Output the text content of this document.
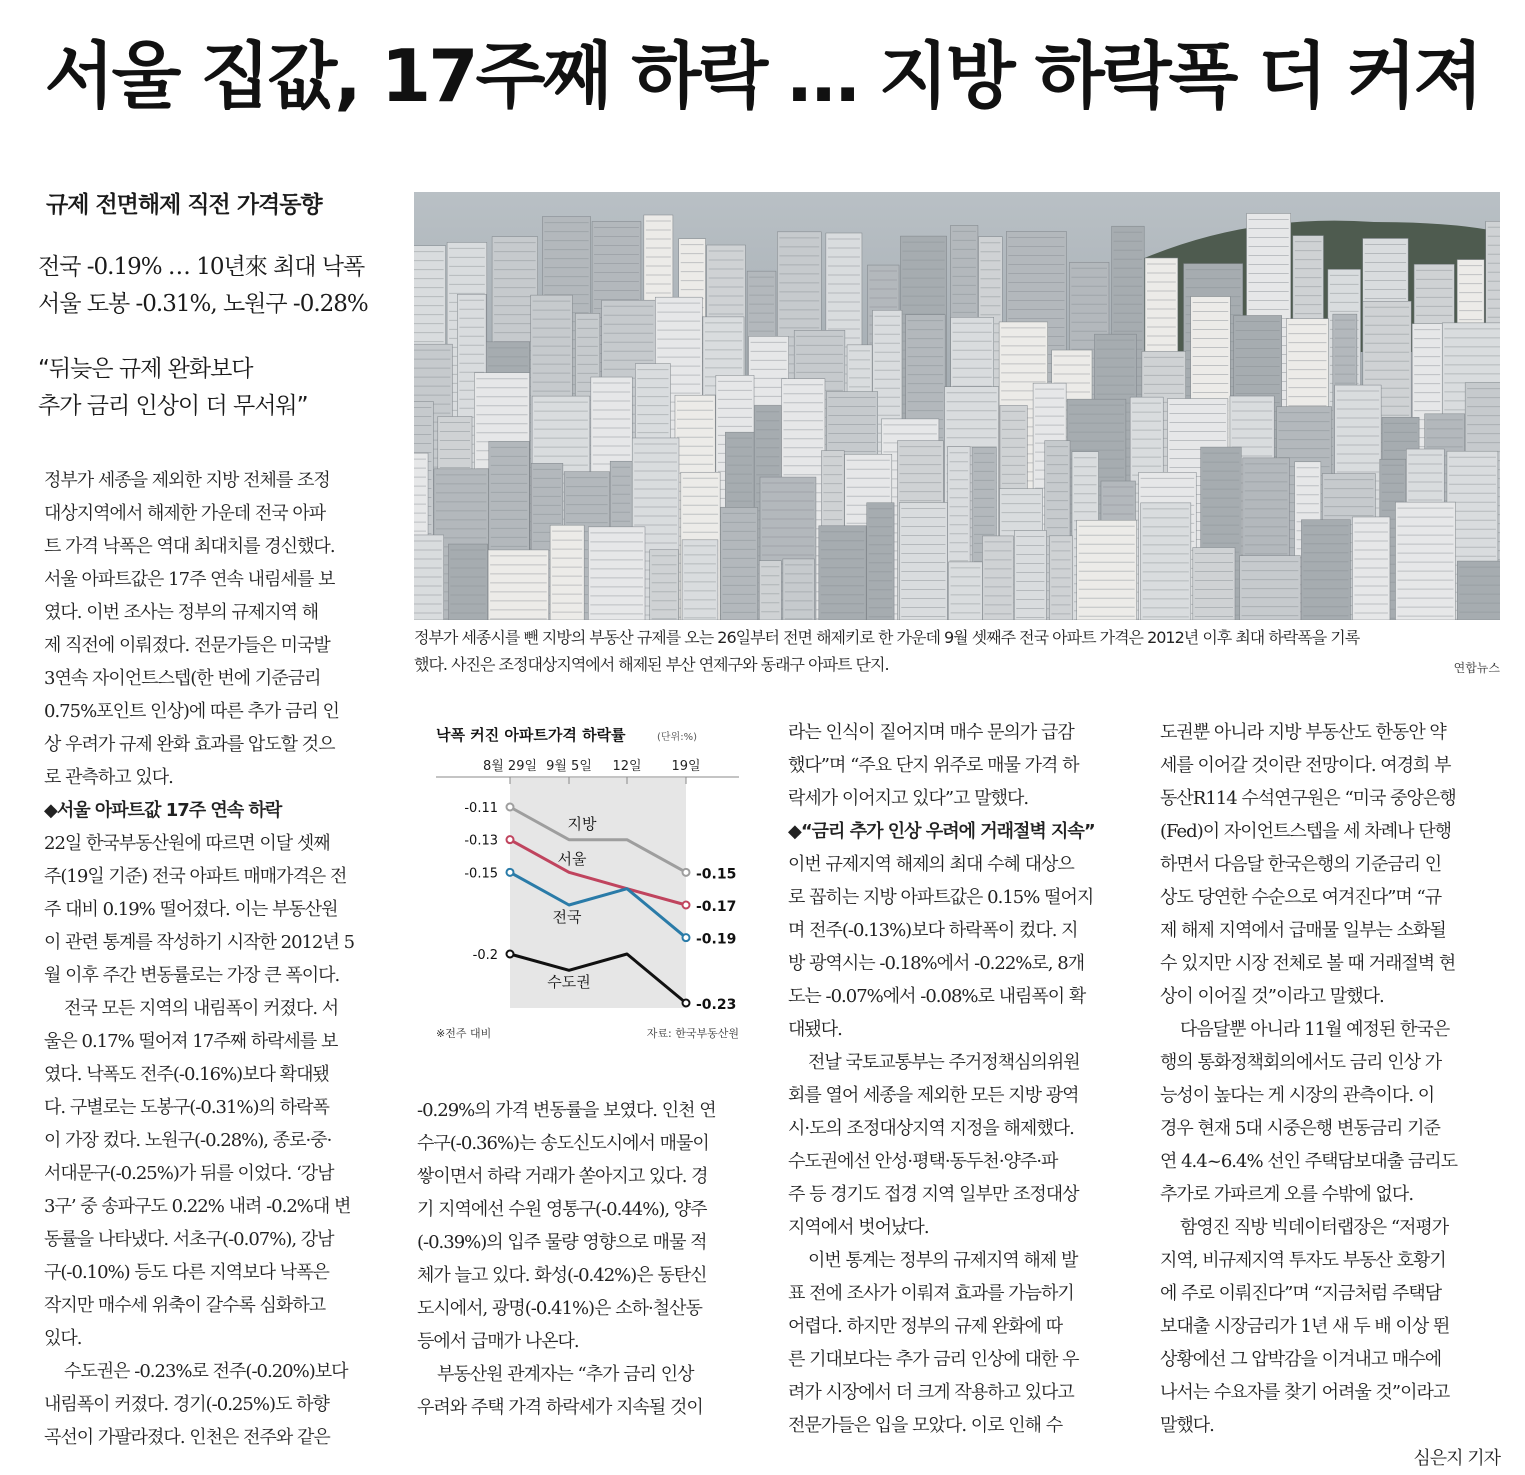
서울 집값, 17주째 하락 … 지방 하락폭 더 커져
규제 전면해제 직전 가격동향
전국 -0.19% … 10년來 최대 낙폭
서울 도봉 -0.31%, 노원구 -0.28%
“뒤늦은 규제 완화보다
추가 금리 인상이 더 무서워”
정부가 세종을 제외한 지방 전체를 조정
대상지역에서 해제한 가운데 전국 아파
트 가격 낙폭은 역대 최대치를 경신했다.
서울 아파트값은 17주 연속 내림세를 보
였다. 이번 조사는 정부의 규제지역 해
제 직전에 이뤄졌다. 전문가들은 미국발
3연속 자이언트스텝(한 번에 기준금리
0.75%포인트 인상)에 따른 추가 금리 인
상 우려가 규제 완화 효과를 압도할 것으
로 관측하고 있다.
◆서울 아파트값 17주 연속 하락
22일 한국부동산원에 따르면 이달 셋째
주(19일 기준) 전국 아파트 매매가격은 전
주 대비 0.19% 떨어졌다. 이는 부동산원
이 관련 통계를 작성하기 시작한 2012년 5
월 이후 주간 변동률로는 가장 큰 폭이다.
전국 모든 지역의 내림폭이 커졌다. 서
울은 0.17% 떨어져 17주째 하락세를 보
였다. 낙폭도 전주(-0.16%)보다 확대됐
다. 구별로는 도봉구(-0.31%)의 하락폭
이 가장 컸다. 노원구(-0.28%), 종로·중·
서대문구(-0.25%)가 뒤를 이었다. ‘강남
3구’ 중 송파구도 0.22% 내려 -0.2%대 변
동률을 나타냈다. 서초구(-0.07%), 강남
구(-0.10%) 등도 다른 지역보다 낙폭은
작지만 매수세 위축이 갈수록 심화하고
있다.
수도권은 -0.23%로 전주(-0.20%)보다
내림폭이 커졌다. 경기(-0.25%)도 하향
곡선이 가팔라졌다. 인천은 전주와 같은
-0.29%의 가격 변동률을 보였다. 인천 연
수구(-0.36%)는 송도신도시에서 매물이
쌓이면서 하락 거래가 쏟아지고 있다. 경
기 지역에선 수원 영통구(-0.44%), 양주
(-0.39%)의 입주 물량 영향으로 매물 적
체가 늘고 있다. 화성(-0.42%)은 동탄신
도시에서, 광명(-0.41%)은 소하·철산동
등에서 급매가 나온다.
부동산원 관계자는 “추가 금리 인상
우려와 주택 가격 하락세가 지속될 것이
라는 인식이 짙어지며 매수 문의가 급감
했다”며 “주요 단지 위주로 매물 가격 하
락세가 이어지고 있다”고 말했다.
◆“금리 추가 인상 우려에 거래절벽 지속”
이번 규제지역 해제의 최대 수혜 대상으
로 꼽히는 지방 아파트값은 0.15% 떨어지
며 전주(-0.13%)보다 하락폭이 컸다. 지
방 광역시는 -0.18%에서 -0.22%로, 8개
도는 -0.07%에서 -0.08%로 내림폭이 확
대됐다.
전날 국토교통부는 주거정책심의위원
회를 열어 세종을 제외한 모든 지방 광역
시·도의 조정대상지역 지정을 해제했다.
수도권에선 안성·평택·동두천·양주·파
주 등 경기도 접경 지역 일부만 조정대상
지역에서 벗어났다.
이번 통계는 정부의 규제지역 해제 발
표 전에 조사가 이뤄져 효과를 가늠하기
어렵다. 하지만 정부의 규제 완화에 따
른 기대보다는 추가 금리 인상에 대한 우
려가 시장에서 더 크게 작용하고 있다고
전문가들은 입을 모았다. 이로 인해 수
도권뿐 아니라 지방 부동산도 한동안 약
세를 이어갈 것이란 전망이다. 여경희 부
동산R114 수석연구원은 “미국 중앙은행
(Fed)이 자이언트스텝을 세 차례나 단행
하면서 다음달 한국은행의 기준금리 인
상도 당연한 수순으로 여겨진다”며 “규
제 해제 지역에서 급매물 일부는 소화될
수 있지만 시장 전체로 볼 때 거래절벽 현
상이 이어질 것”이라고 말했다.
다음달뿐 아니라 11월 예정된 한국은
행의 통화정책회의에서도 금리 인상 가
능성이 높다는 게 시장의 관측이다. 이
경우 현재 5대 시중은행 변동금리 기준
연 4.4~6.4% 선인 주택담보대출 금리도
추가로 가파르게 오를 수밖에 없다.
함영진 직방 빅데이터랩장은 “저평가
지역, 비규제지역 투자도 부동산 호황기
에 주로 이뤄진다”며 “지금처럼 주택담
보대출 시장금리가 1년 새 두 배 이상 뛴
상황에선 그 압박감을 이겨내고 매수에
나서는 수요자를 찾기 어려울 것”이라고
말했다.
심은지 기자
정부가 세종시를 뺀 지방의 부동산 규제를 오는 26일부터 전면 해제키로 한 가운데 9월 셋째주 전국 아파트 가격은 2012년 이후 최대 하락폭을 기록
했다. 사진은 조정대상지역에서 해제된 부산 연제구와 동래구 아파트 단지.	연합뉴스
낙폭 커진 아파트가격 하락률	(단위:%)
8월 29일 9월 5일 12일 19일
-0.11
-0.15
지방
-0.13
-0.17
서울
-0.15
-0.19
전국
-0.2
-0.23
수도권
※전주 대비	자료: 한국부동산원
